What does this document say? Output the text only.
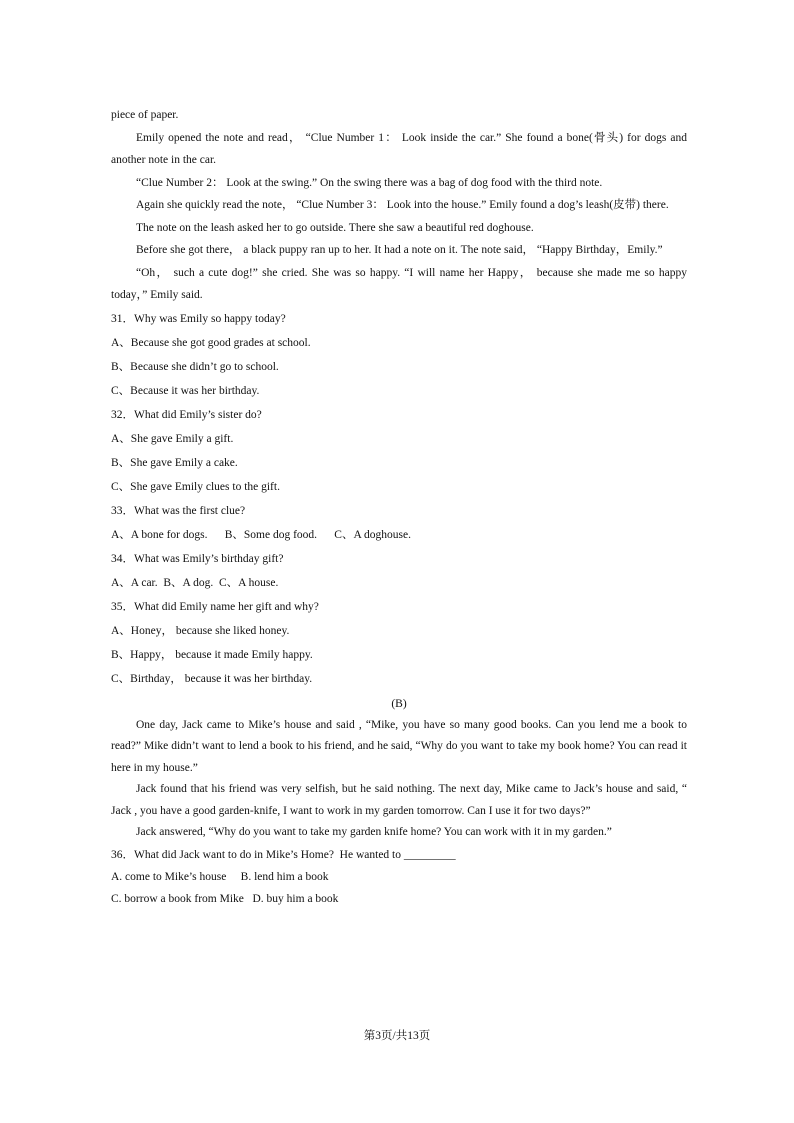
piece of paper.

Emily opened the note and read， “Clue Number 1： Look inside the car.” She found a bone(骨头) for dogs and another note in the car.

“Clue Number 2： Look at the swing.” On the swing there was a bag of dog food with the third note.

Again she quickly read the note， “Clue Number 3： Look into the house.” Emily found a dog’s leash(皮带) there.

The note on the leash asked her to go outside. There she saw a beautiful red doghouse.

Before she got there， a black puppy ran up to her. It had a note on it. The note said， “Happy Birthday，Emily.”

“Oh， such a cute dog!” she cried. She was so happy. “I will name her Happy， because she made me so happy today，” Emily said.

31．Why was Emily so happy today?

A、Because she got good grades at school.

B、Because she didn’t go to school.

C、Because it was her birthday.

32．What did Emily’s sister do?

A、She gave Emily a gift.

B、She gave Emily a cake.

C、She gave Emily clues to the gift.

33．What was the first clue?

A、A bone for dogs.      B、Some dog food.      C、A doghouse.

34．What was Emily’s birthday gift?

A、A car.  B、A dog.  C、A house.

35．What did Emily name her gift and why?

A、Honey， because she liked honey.

B、Happy， because it made Emily happy.

C、Birthday， because it was her birthday.

(B)

One day, Jack came to Mike’s house and said , “Mike, you have so many good books. Can you lend me a book to read?” Mike didn’t want to lend a book to his friend, and he said, “Why do you want to take my book home? You can read it here in my house.”

Jack found that his friend was very selfish, but he said nothing. The next day, Mike came to Jack’s house and said, “ Jack , you have a good garden-knife, I want to work in my garden tomorrow. Can I use it for two days?”

Jack answered, “Why do you want to take my garden knife home? You can work with it in my garden.”

36．What did Jack want to do in Mike’s Home?  He wanted to _________

A. come to Mike’s house     B. lend him a book

C. borrow a book from Mike   D. buy him a book

第3页/共13页
